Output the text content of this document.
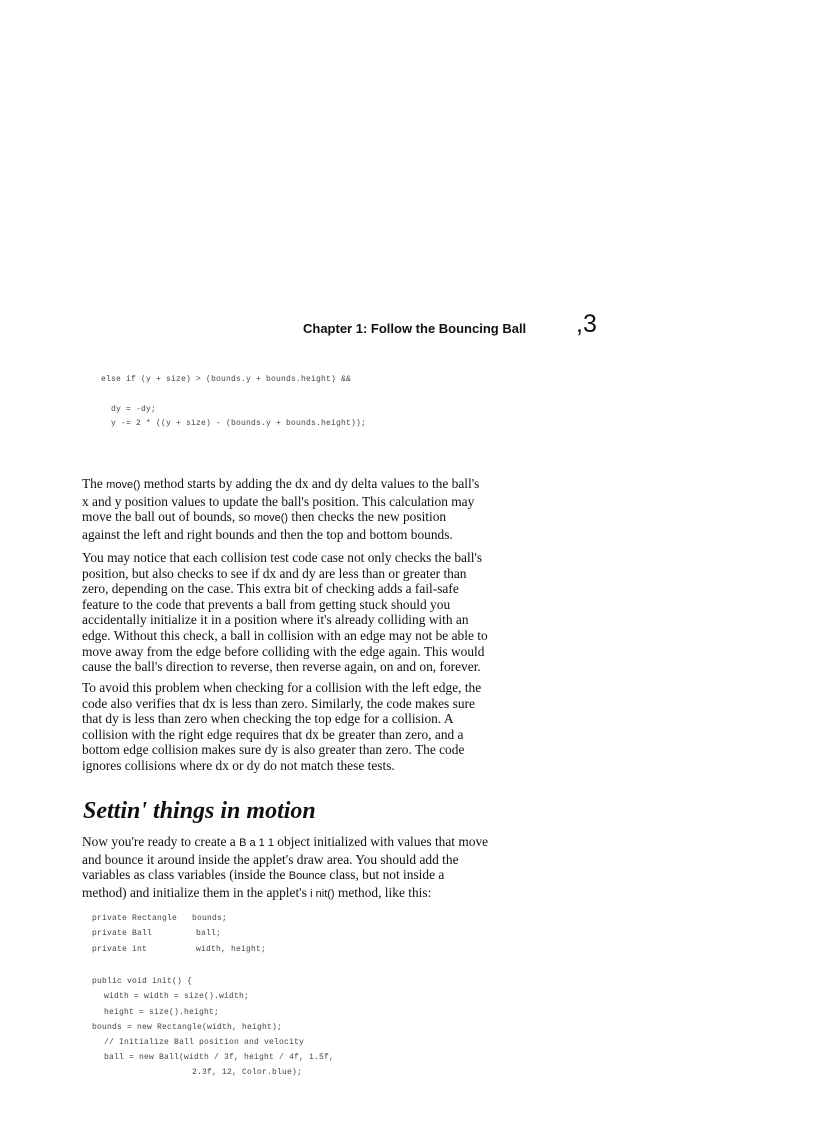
Chapter 1: Follow the Bouncing Ball ,3
else if (y + size) > (bounds.y + bounds.height) &&
dy = -dy;
y -= 2 * ((y + size) - (bounds.y + bounds.height));
The move() method starts by adding the dx and dy delta values to the ball's
x and y position values to update the ball's position. This calculation may
move the ball out of bounds, so move() then checks the new position
against the left and right bounds and then the top and bottom bounds.
You may notice that each collision test code case not only checks the ball's
position, but also checks to see if dx and dy are less than or greater than
zero, depending on the case. This extra bit of checking adds a fail-safe
feature to the code that prevents a ball from getting stuck should you
accidentally initialize it in a position where it's already colliding with an
edge. Without this check, a ball in collision with an edge may not be able to
move away from the edge before colliding with the edge again. This would
cause the ball's direction to reverse, then reverse again, on and on, forever.
To avoid this problem when checking for a collision with the left edge, the
code also verifies that dx is less than zero. Similarly, the code makes sure
that dy is less than zero when checking the top edge for a collision. A
collision with the right edge requires that dx be greater than zero, and a
bottom edge collision makes sure dy is also greater than zero. The code
ignores collisions where dx or dy do not match these tests.
Settin' things in motion
Now you're ready to create a B a 1 1 object initialized with values that move
and bounce it around inside the applet's draw area. You should add the
variables as class variables (inside the Bounce class, but not inside a
method) and initialize them in the applet's i nit() method, like this:
private Rectangle bounds;
private Ball	ball;
private int	width, height;
public void init() {
width = width = size().width;
height = size().height;
bounds = new Rectangle(width, height);
// Initialize Ball position and velocity
ball = new Ball(width / 3f, height / 4f, 1.5f,
2.3f, 12, Color.blue);
